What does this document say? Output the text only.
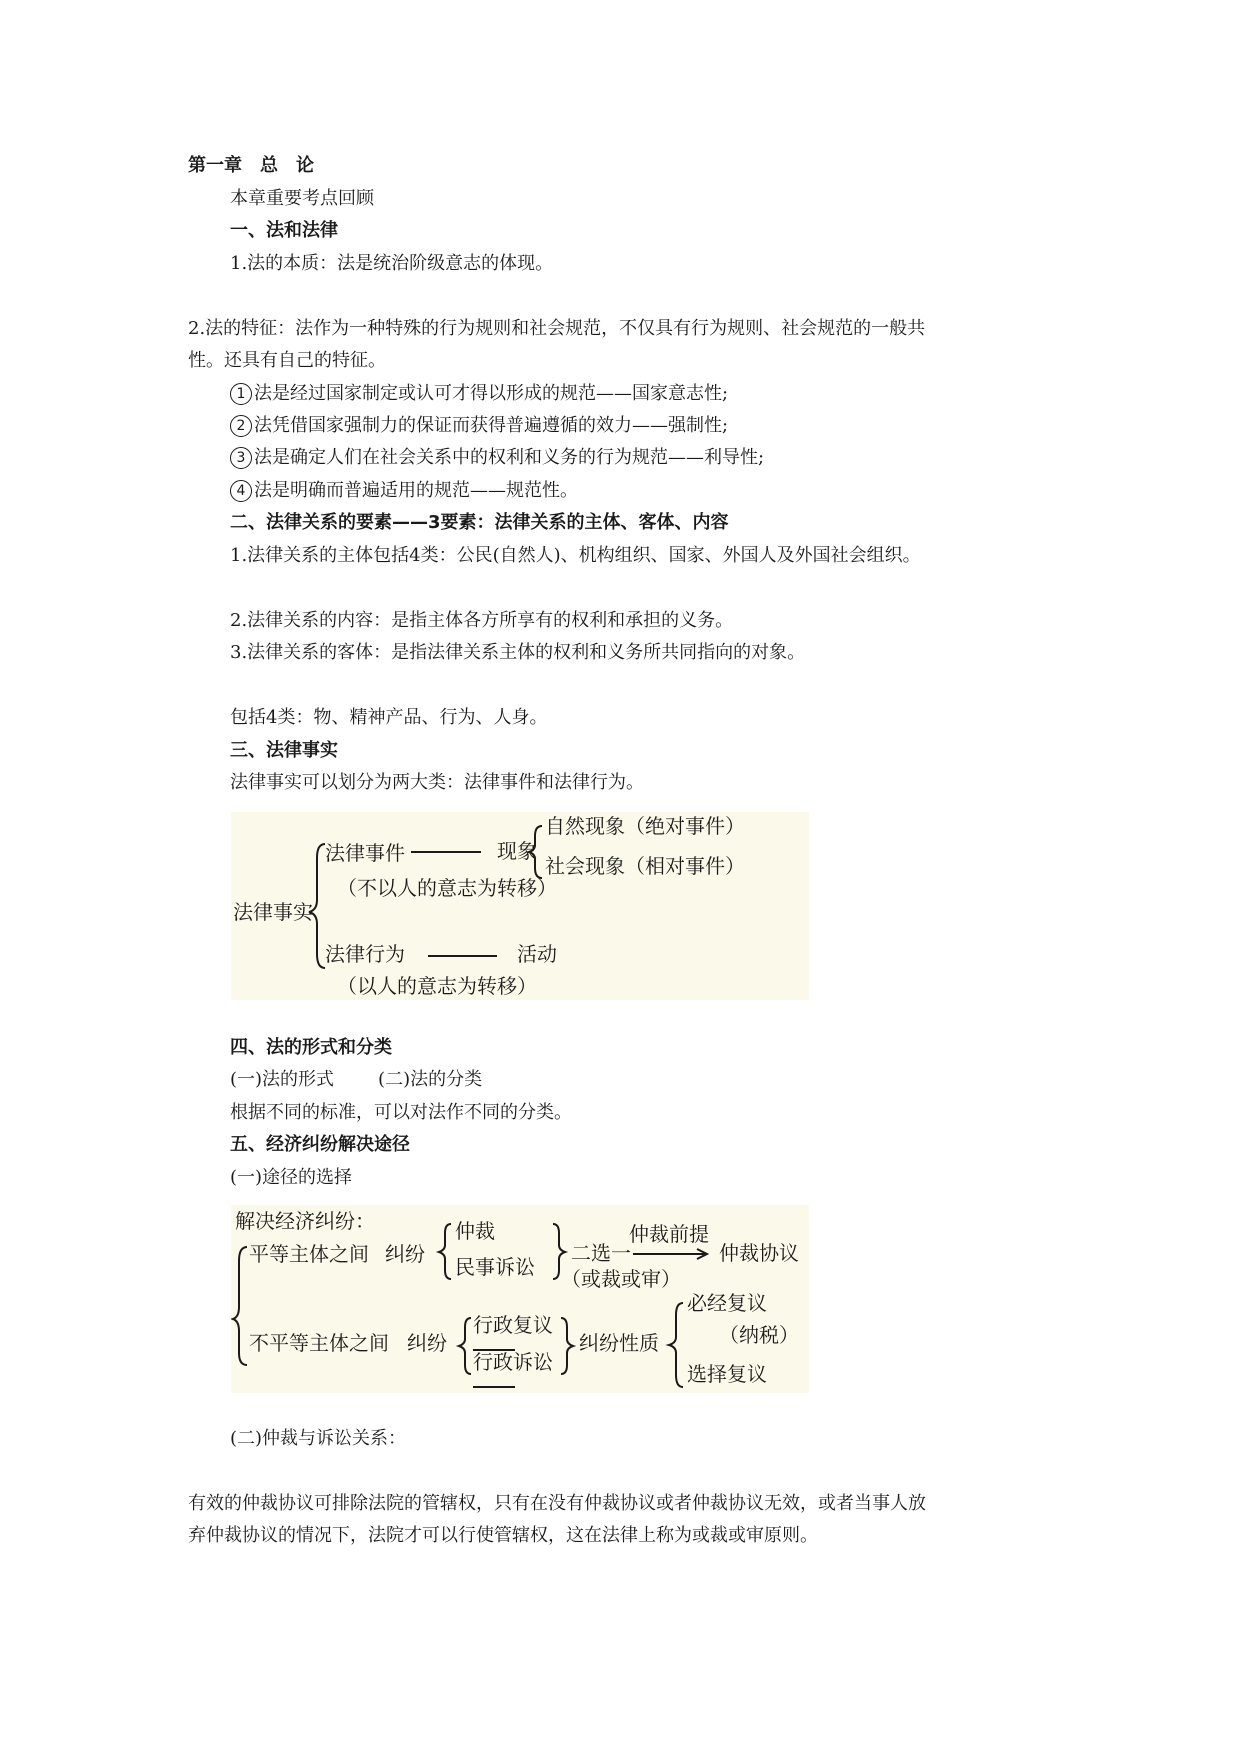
第一章　总　论
本章重要考点回顾
一、法和法律
1.法的本质：法是统治阶级意志的体现。
2.法的特征：法作为一种特殊的行为规则和社会规范，不仅具有行为规则、社会规范的一般共
性。还具有自己的特征。
1 法是经过国家制定或认可才得以形成的规范——国家意志性;
2 法凭借国家强制力的保证而获得普遍遵循的效力——强制性;
3 法是确定人们在社会关系中的权利和义务的行为规范——利导性;
4 法是明确而普遍适用的规范——规范性。
二、法律关系的要素——3要素：法律关系的主体、客体、内容
1.法律关系的主体包括4类：公民(自然人)、机构组织、国家、外国人及外国社会组织。
2.法律关系的内容：是指主体各方所享有的权利和承担的义务。
3.法律关系的客体：是指法律关系主体的权利和义务所共同指向的对象。
包括4类：物、精神产品、行为、人身。
三、法律事实
法律事实可以划分为两大类：法律事件和法律行为。
法律事实
法律事件
（不以人的意志为转移）
现象
自然现象（绝对事件）
社会现象（相对事件）
法律行为	活动
（以人的意志为转移）
四、法的形式和分类
(一)法的形式 (二)法的分类
根据不同的标准，可以对法作不同的分类。
五、经济纠纷解决途径
(一)途径的选择
解决经济纠纷：
平等主体之间 纠纷
仲裁
民事诉讼
二选一
（或裁或审）
仲裁前提
仲裁协议
不平等主体之间 纠纷
行政复议
行政诉讼
纠纷性质
必经复议
（纳税）
选择复议
(二)仲裁与诉讼关系：
有效的仲裁协议可排除法院的管辖权，只有在没有仲裁协议或者仲裁协议无效，或者当事人放
弃仲裁协议的情况下，法院才可以行使管辖权，这在法律上称为或裁或审原则。
